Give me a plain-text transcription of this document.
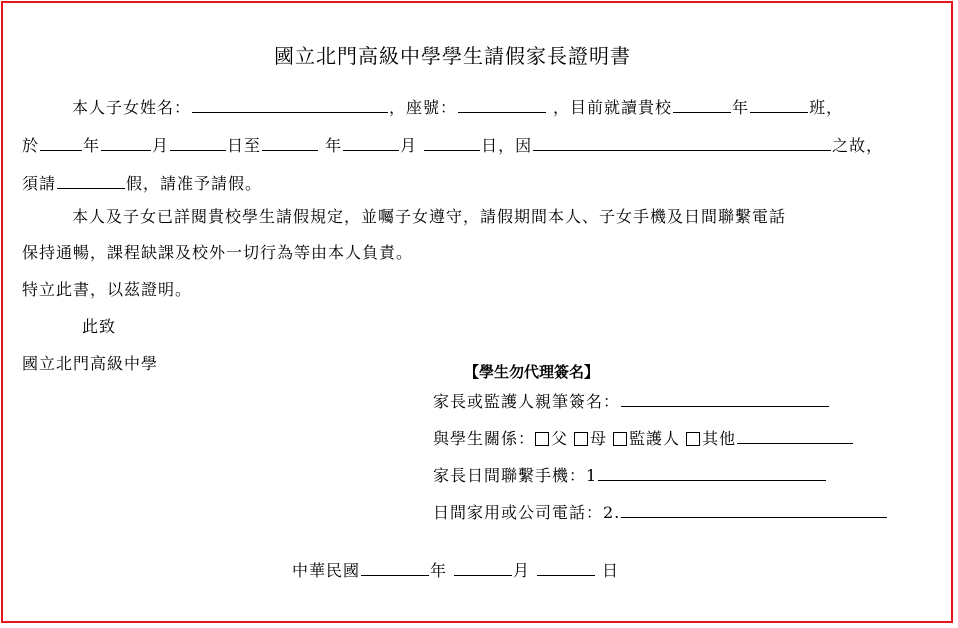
國立北門高級中學學生請假家長證明書
本人子女姓名：	，座號：	，目前就讀貴校	年	班，
於	年	月	日至	年	月	日，因	之故，
須請	假，請准予請假。
本人及子女已詳閱貴校學生請假規定，並囑子女遵守，請假期間本人、子女手機及日間聯繫電話
保持通暢，課程缺課及校外一切行為等由本人負責。
特立此書，以茲證明。
此致
國立北門高級中學	【學生勿代理簽名】
家長或監護人親筆簽名：
與學生關係： 父 母 監護人 其他
家長日間聯繫手機：1
日間家用或公司電話：2.
中華民國	年	月	日
